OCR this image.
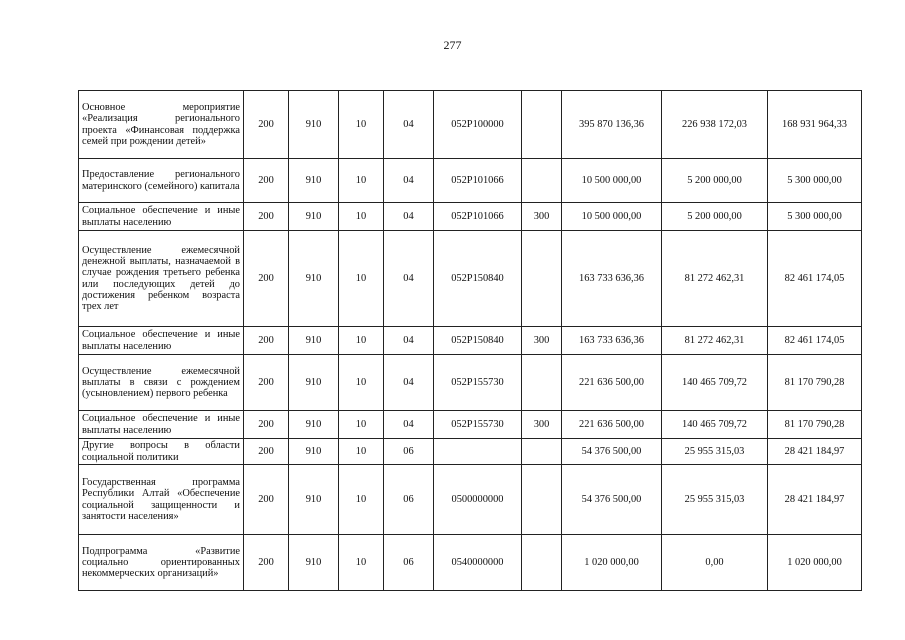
277
Основное мероприятие «Реализация регионального проекта «Финансовая поддержка семей при рождении детей»	200	910	10	04	052P100000		395 870 136,36	226 938 172,03	168 931 964,33
Предоставление регионального материнского (семейного) капитала	200	910	10	04	052P101066		10 500 000,00	5 200 000,00	5 300 000,00
Социальное обеспечение и иные выплаты населению	200	910	10	04	052P101066	300	10 500 000,00	5 200 000,00	5 300 000,00
Осуществление ежемесячной денежной выплаты, назначаемой в случае рождения третьего ребенка или последующих детей до достижения ребенком возраста трех лет	200	910	10	04	052P150840		163 733 636,36	81 272 462,31	82 461 174,05
Социальное обеспечение и иные выплаты населению	200	910	10	04	052P150840	300	163 733 636,36	81 272 462,31	82 461 174,05
Осуществление ежемесячной выплаты в связи с рождением (усыновлением) первого ребенка	200	910	10	04	052P155730		221 636 500,00	140 465 709,72	81 170 790,28
Социальное обеспечение и иные выплаты населению	200	910	10	04	052P155730	300	221 636 500,00	140 465 709,72	81 170 790,28
Другие вопросы в области социальной политики	200	910	10	06			54 376 500,00	25 955 315,03	28 421 184,97
Государственная программа Республики Алтай «Обеспечение социальной защищенности и занятости населения»	200	910	10	06	0500000000		54 376 500,00	25 955 315,03	28 421 184,97
Подпрограмма «Развитие социально ориентированных некоммерческих организаций»	200	910	10	06	0540000000		1 020 000,00	0,00	1 020 000,00
